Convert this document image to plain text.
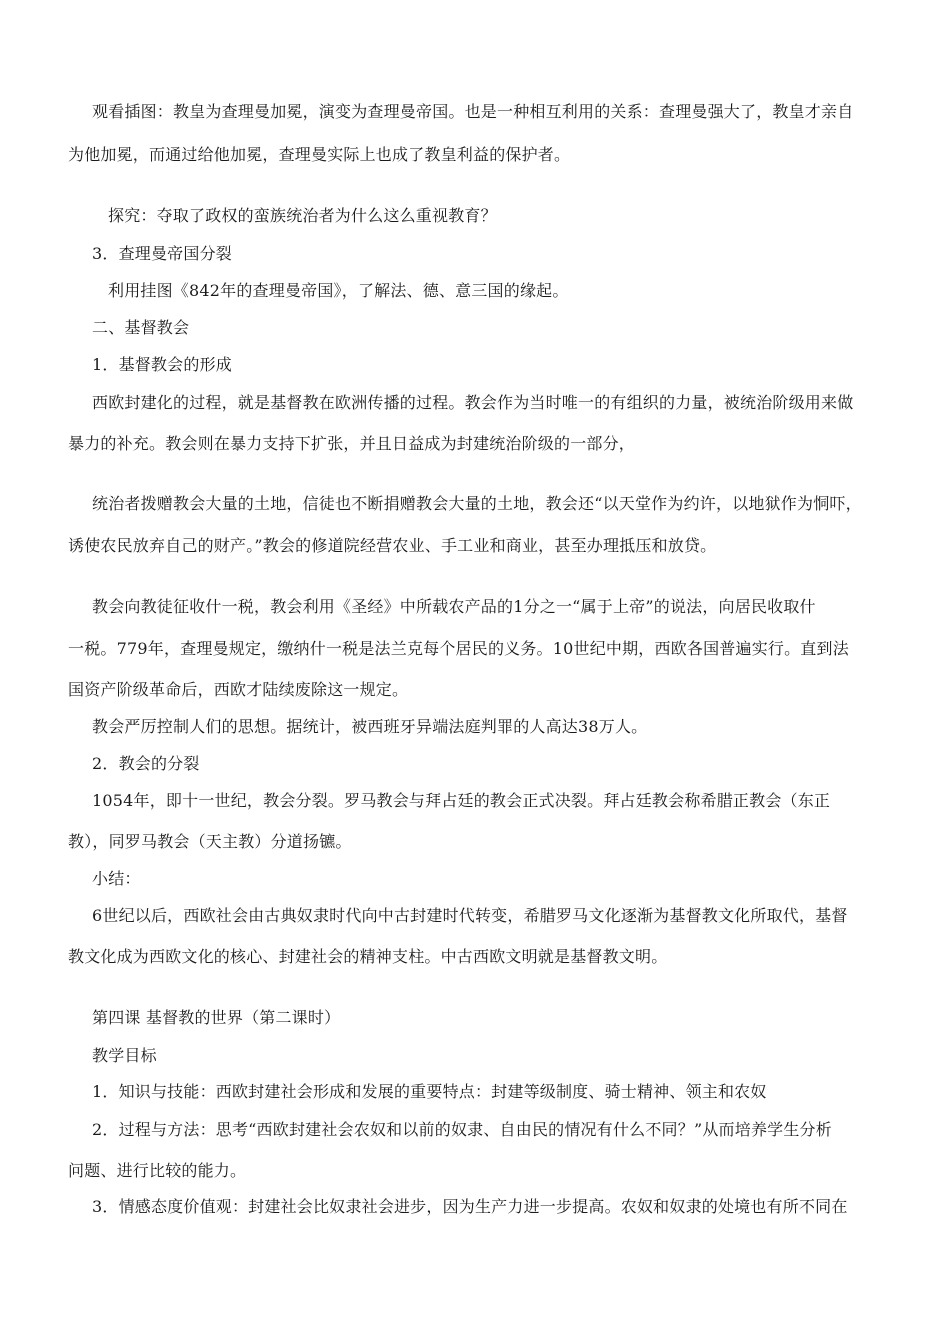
观看插图：教皇为查理曼加冕，演变为查理曼帝国。也是一种相互利用的关系：查理曼强大了，教皇才亲自
为他加冕，而通过给他加冕，查理曼实际上也成了教皇利益的保护者。
探究：夺取了政权的蛮族统治者为什么这么重视教育？
3．查理曼帝国分裂
利用挂图《842年的查理曼帝国》，了解法、德、意三国的缘起。
二、基督教会
1．基督教会的形成
西欧封建化的过程，就是基督教在欧洲传播的过程。教会作为当时唯一的有组织的力量，被统治阶级用来做
暴力的补充。教会则在暴力支持下扩张，并且日益成为封建统治阶级的一部分，
统治者拨赠教会大量的土地，信徒也不断捐赠教会大量的土地，教会还“以天堂作为约许，以地狱作为恫吓，
诱使农民放弃自己的财产。”教会的修道院经营农业、手工业和商业，甚至办理抵压和放贷。
教会向教徒征收什一税，教会利用《圣经》中所载农产品的1分之一“属于上帝”的说法，向居民收取什
一税。779年，查理曼规定，缴纳什一税是法兰克每个居民的义务。10世纪中期，西欧各国普遍实行。直到法
国资产阶级革命后，西欧才陆续废除这一规定。
教会严厉控制人们的思想。据统计，被西班牙异端法庭判罪的人高达38万人。
2．教会的分裂
1054年，即十一世纪，教会分裂。罗马教会与拜占廷的教会正式决裂。拜占廷教会称希腊正教会（东正
教），同罗马教会（天主教）分道扬镳。
小结：
6世纪以后，西欧社会由古典奴隶时代向中古封建时代转变，希腊罗马文化逐渐为基督教文化所取代，基督
教文化成为西欧文化的核心、封建社会的精神支柱。中古西欧文明就是基督教文明。
第四课 基督教的世界（第二课时）
教学目标
1．知识与技能：西欧封建社会形成和发展的重要特点：封建等级制度、骑士精神、领主和农奴
2．过程与方法：思考“西欧封建社会农奴和以前的奴隶、自由民的情况有什么不同？”从而培养学生分析
问题、进行比较的能力。
3．情感态度价值观：封建社会比奴隶社会进步，因为生产力进一步提高。农奴和奴隶的处境也有所不同在
